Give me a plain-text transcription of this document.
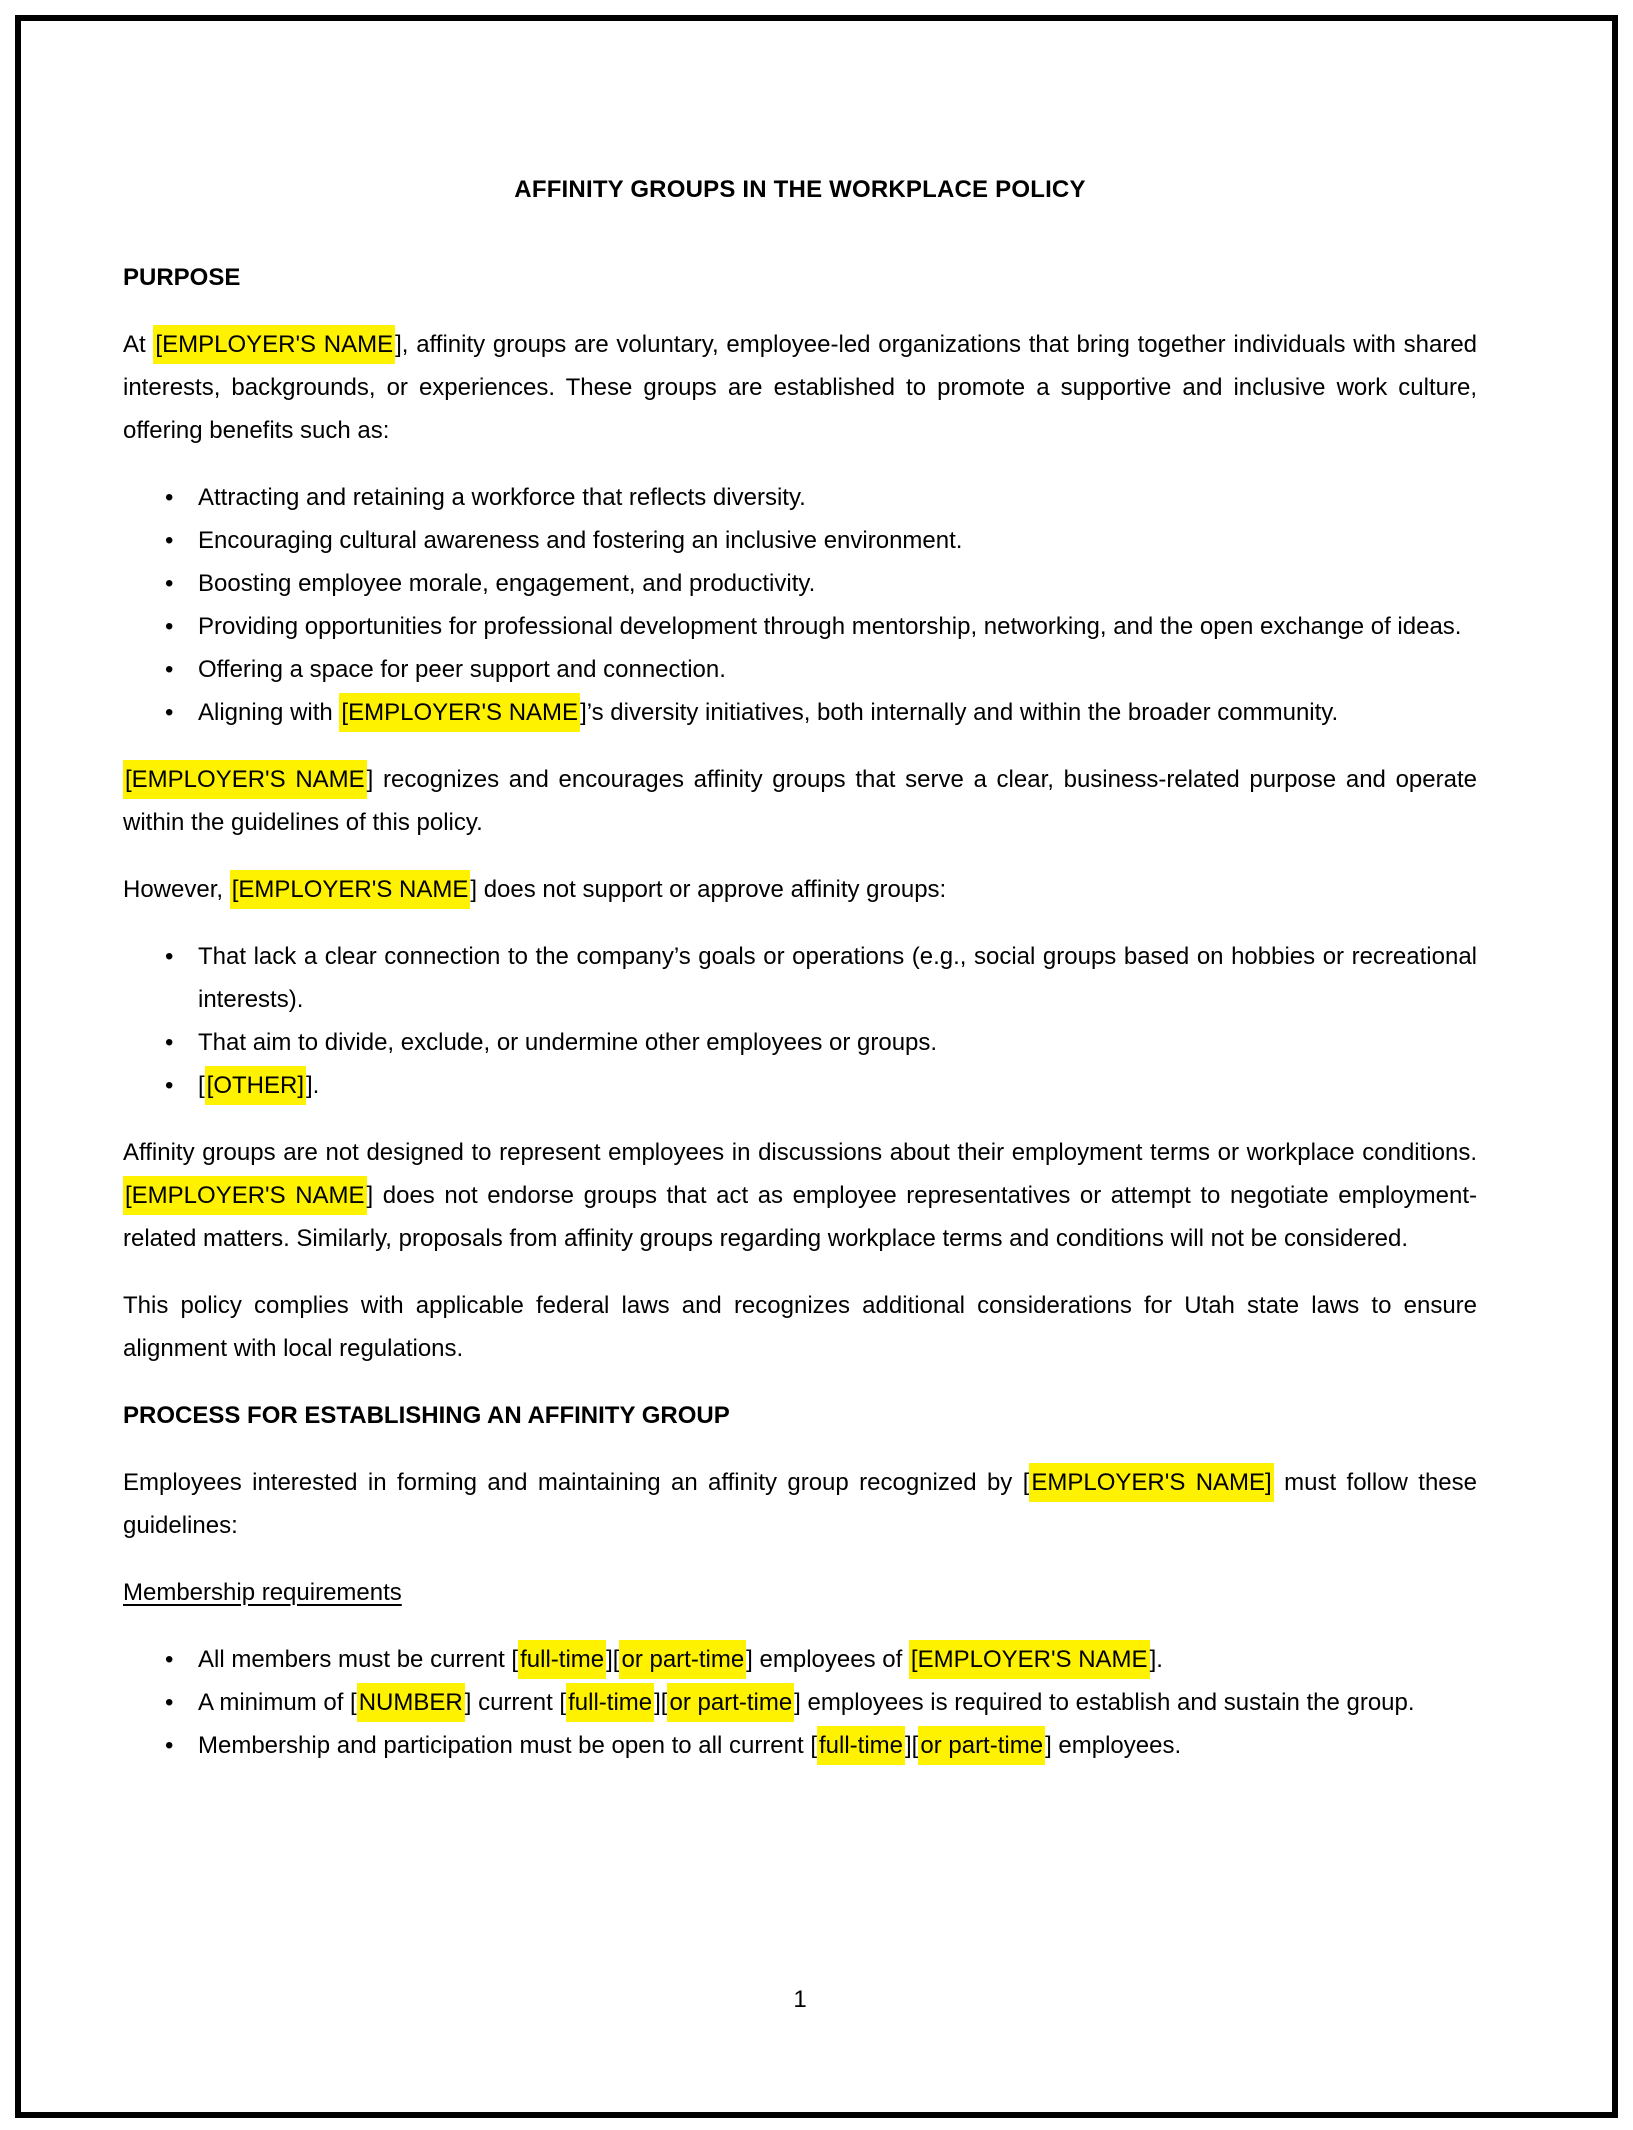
AFFINITY GROUPS IN THE WORKPLACE POLICY
PURPOSE

At [EMPLOYER'S NAME], affinity groups are voluntary, employee-led organizations that bring together individuals with shared interests, backgrounds, or experiences. These groups are established to promote a supportive and inclusive work culture, offering benefits such as:

• Attracting and retaining a workforce that reflects diversity.
• Encouraging cultural awareness and fostering an inclusive environment.
• Boosting employee morale, engagement, and productivity.
• Providing opportunities for professional development through mentorship, networking, and the open exchange of ideas.
• Offering a space for peer support and connection.
• Aligning with [EMPLOYER'S NAME]’s diversity initiatives, both internally and within the broader community.

[EMPLOYER'S NAME] recognizes and encourages affinity groups that serve a clear, business-related purpose and operate within the guidelines of this policy.

However, [EMPLOYER'S NAME] does not support or approve affinity groups:

• That lack a clear connection to the company’s goals or operations (e.g., social groups based on hobbies or recreational interests).
• That aim to divide, exclude, or undermine other employees or groups.
• [[OTHER]].

Affinity groups are not designed to represent employees in discussions about their employment terms or workplace conditions. [EMPLOYER'S NAME] does not endorse groups that act as employee representatives or attempt to negotiate employment-related matters. Similarly, proposals from affinity groups regarding workplace terms and conditions will not be considered.

This policy complies with applicable federal laws and recognizes additional considerations for Utah state laws to ensure alignment with local regulations.

PROCESS FOR ESTABLISHING AN AFFINITY GROUP

Employees interested in forming and maintaining an affinity group recognized by [EMPLOYER'S NAME] must follow these guidelines:

Membership requirements
• All members must be current [full-time][or part-time] employees of [EMPLOYER'S NAME].
• A minimum of [NUMBER] current [full-time][or part-time] employees is required to establish and sustain the group.
• Membership and participation must be open to all current [full-time][or part-time] employees.
1
